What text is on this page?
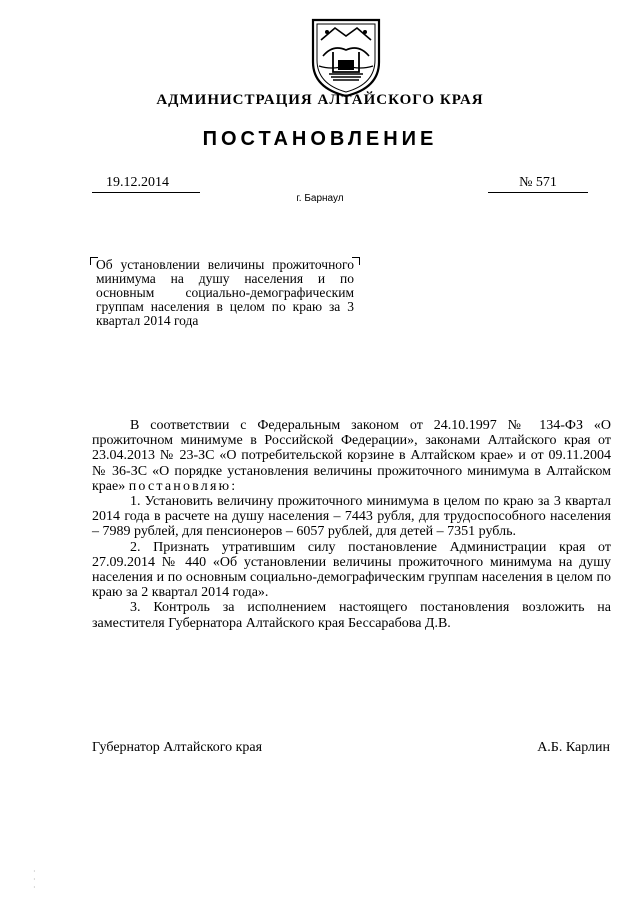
АДМИНИСТРАЦИЯ АЛТАЙСКОГО КРАЯ
ПОСТАНОВЛЕНИЕ
19.12.2014	№ 571
г. Барнаул
Об установлении величины прожиточного минимума на душу населения и по основным социально-демографическим группам населения в целом по краю за 3 квартал 2014 года

В соответствии с Федеральным законом от 24.10.1997 № 134-ФЗ «О прожиточном минимуме в Российской Федерации», законами Алтайского края от 23.04.2013 № 23-ЗС «О потребительской корзине в Алтайском крае» и от 09.11.2004 № 36-ЗС «О порядке установления величины прожиточного минимума в Алтайском крае» постановляю:

1. Установить величину прожиточного минимума в целом по краю за 3 квартал 2014 года в расчете на душу населения – 7443 рубля, для трудоспособного населения – 7989 рублей, для пенсионеров – 6057 рублей, для детей – 7351 рубль.

2. Признать утратившим силу постановление Администрации края от 27.09.2014 № 440 «Об установлении величины прожиточного минимума на душу населения и по основным социально-демографическим группам населения в целом по краю за 2 квартал 2014 года».

3. Контроль за исполнением настоящего постановления возложить на заместителя Губернатора Алтайского края Бессарабова Д.В.

Губернатор Алтайского края	А.Б. Карлин
·
·
·
